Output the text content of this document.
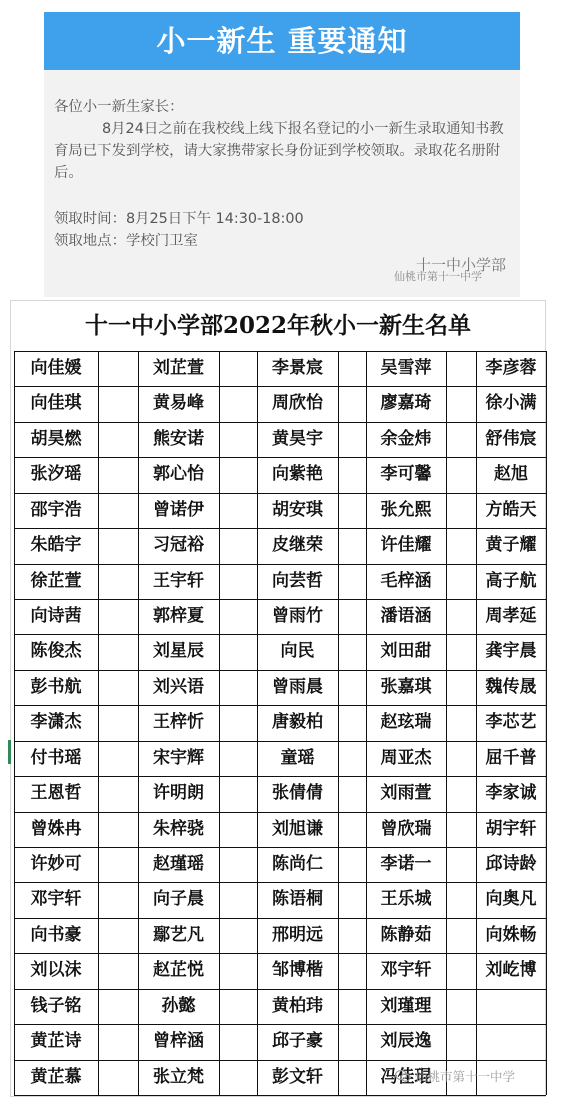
小一新生 重要通知

各位小一新生家长：

8月24日之前在我校线上线下报名登记的小一新生录取通知书教育局已下发到学校，请大家携带家长身份证到学校领取。录取花名册附后。

领取时间：8月25日下午 14:30-18:00

领取地点：学校门卫室

仙桃市第十一中学
十一中小学部
十一中小学部2022年秋小一新生名单
向佳媛	刘芷萱	李景宸	吴雪萍	李彦蓉
向佳琪	黄易峰	周欣怡	廖嘉琦	徐小满
胡昊燃	熊安诺	黄昊宇	余金炜	舒伟宸
张汐瑶	郭心怡	向紫艳	李可馨	赵旭
邵宇浩	曾诺伊	胡安琪	张允熙	方皓天
朱皓宇	习冠裕	皮继荣	许佳耀	黄子耀
徐芷萱	王宇轩	向芸哲	毛梓涵	高子航
向诗茜	郭梓夏	曾雨竹	潘语涵	周孝延
陈俊杰	刘星辰	向民	刘田甜	龚宇晨
彭书航	刘兴语	曾雨晨	张嘉琪	魏传晟
李潇杰	王梓忻	唐毅柏	赵玹瑞	李芯艺
付书瑶	宋宇辉	童瑶	周亚杰	屈千普
王恩哲	许明朗	张倩倩	刘雨萱	李家诚
曾姝冉	朱梓骁	刘旭谦	曾欣瑞	胡宇轩
许妙可	赵瑾瑶	陈尚仁	李诺一	邱诗龄
邓宇轩	向子晨	陈语桐	王乐城	向奥凡
向书豪	鄢艺凡	邢明远	陈静茹	向姝畅
刘以沫	赵芷悦	邹博楷	邓宇轩	刘屹博
钱子铭	孙懿	黄柏玮	刘瑾理
黄芷诗	曾梓涵	邱子豪	刘辰逸
黄芷慕	张立梵	彭文轩	冯佳琨
仙桃市第十一中学
